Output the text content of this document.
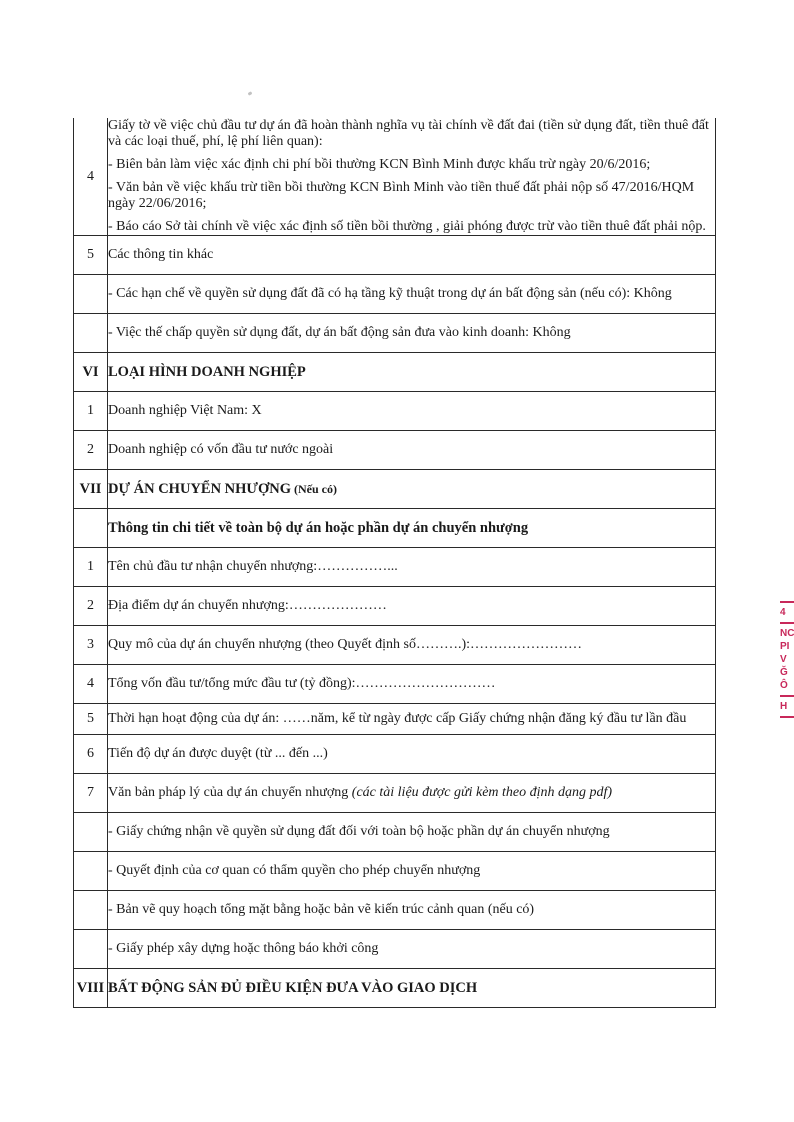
4	Giấy tờ về việc chủ đầu tư dự án đã hoàn thành nghĩa vụ tài chính về đất đai (tiền sử dụng đất, tiền thuê đất và các loại thuế, phí, lệ phí liên quan):

- Biên bản làm việc xác định chi phí bồi thường KCN Bình Minh được khấu trừ ngày 20/6/2016;

- Văn bản về việc khấu trừ tiền bồi thường KCN Bình Minh vào tiền thuế đất phải nộp số 47/2016/HQM ngày 22/06/2016;

- Báo cáo Sở tài chính về việc xác định số tiền bồi thường , giải phóng được trừ vào tiền thuê đất phải nộp.

5	Các thông tin khác
	- Các hạn chế về quyền sử dụng đất đã có hạ tầng kỹ thuật trong dự án bất động sản (nếu có): Không
	- Việc thế chấp quyền sử dụng đất, dự án bất động sản đưa vào kinh doanh: Không
VI	LOẠI HÌNH DOANH NGHIỆP
1	Doanh nghiệp Việt Nam: X
2	Doanh nghiệp có vốn đầu tư nước ngoài
VII	DỰ ÁN CHUYỂN NHƯỢNG (Nếu có)
	Thông tin chi tiết về toàn bộ dự án hoặc phần dự án chuyển nhượng
1	Tên chủ đầu tư nhận chuyển nhượng:……………...
2	Địa điểm dự án chuyển nhượng:…………………
3	Quy mô của dự án chuyển nhượng (theo Quyết định số……….):……………………
4	Tổng vốn đầu tư/tổng mức đầu tư (tỷ đồng):…………………………
5	Thời hạn hoạt động của dự án: ……năm, kể từ ngày được cấp Giấy chứng nhận đăng ký đầu tư lần đầu
6	Tiến độ dự án được duyệt (từ ... đến ...)
7	Văn bản pháp lý của dự án chuyển nhượng (các tài liệu được gửi kèm theo định dạng pdf)
	- Giấy chứng nhận về quyền sử dụng đất đối với toàn bộ hoặc phần dự án chuyển nhượng
	- Quyết định của cơ quan có thẩm quyền cho phép chuyển nhượng
	- Bản vẽ quy hoạch tổng mặt bằng hoặc bản vẽ kiến trúc cảnh quan (nếu có)
	- Giấy phép xây dựng hoặc thông báo khởi công
VIII	BẤT ĐỘNG SẢN ĐỦ ĐIỀU KIỆN ĐƯA VÀO GIAO DỊCH
4
NC
PI
V
Ğ
Ô
H
